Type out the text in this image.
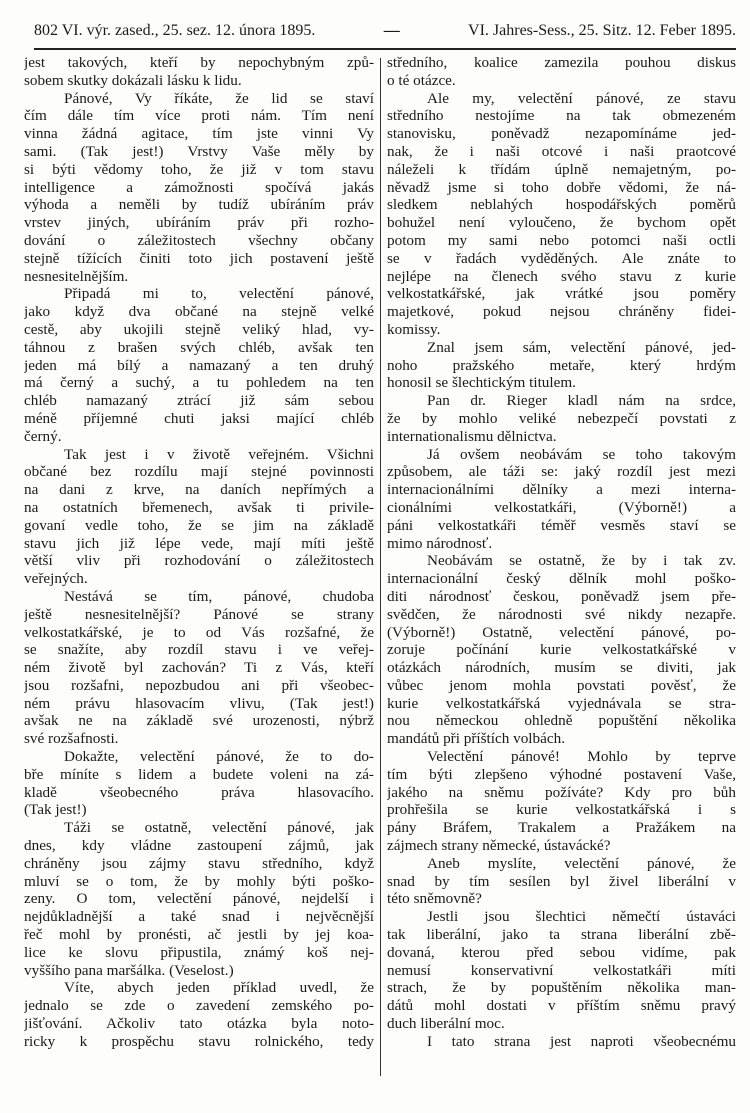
802 VI. výr. zased., 25. sez. 12. února 1895.	—	VI. Jahres-Sess., 25. Sitz. 12. Feber 1895.
jest takových, kteří by nepochybným způ-
sobem skutky dokázali lásku k lidu.
Pánové, Vy říkáte, že lid se staví
čím dále tím více proti nám. Tím není
vinna žádná agitace, tím jste vinni Vy
sami. (Tak jest!) Vrstvy Vaše měly by
si býti vědomy toho, že již v tom stavu
intelligence a zámožnosti spočívá jakás
výhoda a neměli by tudíž ubíráním práv
vrstev jiných, ubíráním práv při rozho-
dování o záležitostech všechny občany
stejně tížících činiti toto jich postavení ještě
nesnesitelnějším.
Připadá mi to, velectění pánové,
jako když dva občané na stejně velké
cestě, aby ukojili stejně veliký hlad, vy-
táhnou z brašen svých chléb, avšak ten
jeden má bílý a namazaný a ten druhý
má černý a suchý, a tu pohledem na ten
chléb namazaný ztrácí již sám sebou
méně příjemné chuti jaksi mající chléb
černý.
Tak jest i v životě veřejném. Všichni
občané bez rozdílu mají stejné povinnosti
na dani z krve, na daních nepřímých a
na ostatních břemenech, avšak ti privile-
govaní vedle toho, že se jim na základě
stavu jich již lépe vede, mají míti ještě
větší vliv při rozhodování o záležitostech
veřejných.
Nestává se tím, pánové, chudoba
ještě nesnesitelnější? Pánové se strany
velkostatkářské, je to od Vás rozšafné, že
se snažíte, aby rozdíl stavu i ve veřej-
ném životě byl zachován? Ti z Vás, kteří
jsou rozšafni, nepozbudou ani při všeobec-
ném právu hlasovacím vlivu, (Tak jest!)
avšak ne na základě své urozenosti, nýbrž
své rozšafnosti.
Dokažte, velectění pánové, že to do-
bře míníte s lidem a budete voleni na zá-
kladě všeobecného práva hlasovacího.
(Tak jest!)
Táži se ostatně, velectění pánové, jak
dnes, kdy vládne zastoupení zájmů, jak
chráněny jsou zájmy stavu středního, když
mluví se o tom, že by mohly býti poško-
zeny. O tom, velectění pánové, nejdelší i
nejdůkladnější a také snad i nejvěcnější
řeč mohl by pronésti, ač jestli by jej koa-
lice ke slovu připustila, známý koš nej-
vyššího pana maršálka. (Veselost.)
Víte, abych jeden příklad uvedl, že
jednalo se zde o zavedení zemského po-
jišťování. Ačkoliv tato otázka byla noto-
ricky k prospěchu stavu rolnického, tedy
středního, koalice zamezila pouhou diskus
o té otázce.
Ale my, velectění pánové, ze stavu
středního nestojíme na tak obmezeném
stanovisku, poněvadž nezapomínáme jed-
nak, že i naši otcové i naši praotcové
náleželi k třídám úplně nemajetným, po-
něvadž jsme si toho dobře vědomi, že ná-
sledkem neblahých hospodářských poměrů
bohužel není vyloučeno, že bychom opět
potom my sami nebo potomci naši octli
se v řadách vyděděných. Ale znáte to
nejlépe na členech svého stavu z kurie
velkostatkářské, jak vrátké jsou poměry
majetkové, pokud nejsou chráněny fidei-
komissy.
Znal jsem sám, velectění pánové, jed-
noho pražského metaře, který hrdým
honosil se šlechtickým titulem.
Pan dr. Rieger kladl nám na srdce,
že by mohlo veliké nebezpečí povstati z
internationalismu dělnictva.
Já ovšem neobávám se toho takovým
způsobem, ale táži se: jaký rozdíl jest mezi
internacionálními dělníky a mezi interna-
cionálními velkostatkáři, (Výborně!) a
páni velkostatkáři téměř vesměs staví se
mimo národnosť.
Neobávám se ostatně, že by i tak zv.
internacionální český dělník mohl poško-
diti národnosť českou, poněvadž jsem pře-
svědčen, že národnosti své nikdy nezapře.
(Výborně!) Ostatně, velectění pánové, po-
zoruje počínání kurie velkostatkářské v
otázkách národních, musím se diviti, jak
vůbec jenom mohla povstati pověsť, že
kurie velkostatkářská vyjednávala se stra-
nou německou ohledně popuštění několika
mandátů při příštích volbách.
Velectění pánové! Mohlo by teprve
tím býti zlepšeno výhodné postavení Vaše,
jakého na sněmu požíváte? Kdy pro bůh
prohřešila se kurie velkostatkářská i s
pány Bráfem, Trakalem a Pražákem na
zájmech strany německé, ústavácké?
Aneb myslíte, velectění pánové, že
snad by tím sesílen byl živel liberální v
této sněmovně?
Jestli jsou šlechtici němečtí ústaváci
tak liberální, jako ta strana liberální zbě-
dovaná, kterou před sebou vidíme, pak
nemusí konservativní velkostatkáři míti
strach, že by popuštěním několika man-
dátů mohl dostati v příštím sněmu pravý
duch liberální moc.
I tato strana jest naproti všeobecnému
